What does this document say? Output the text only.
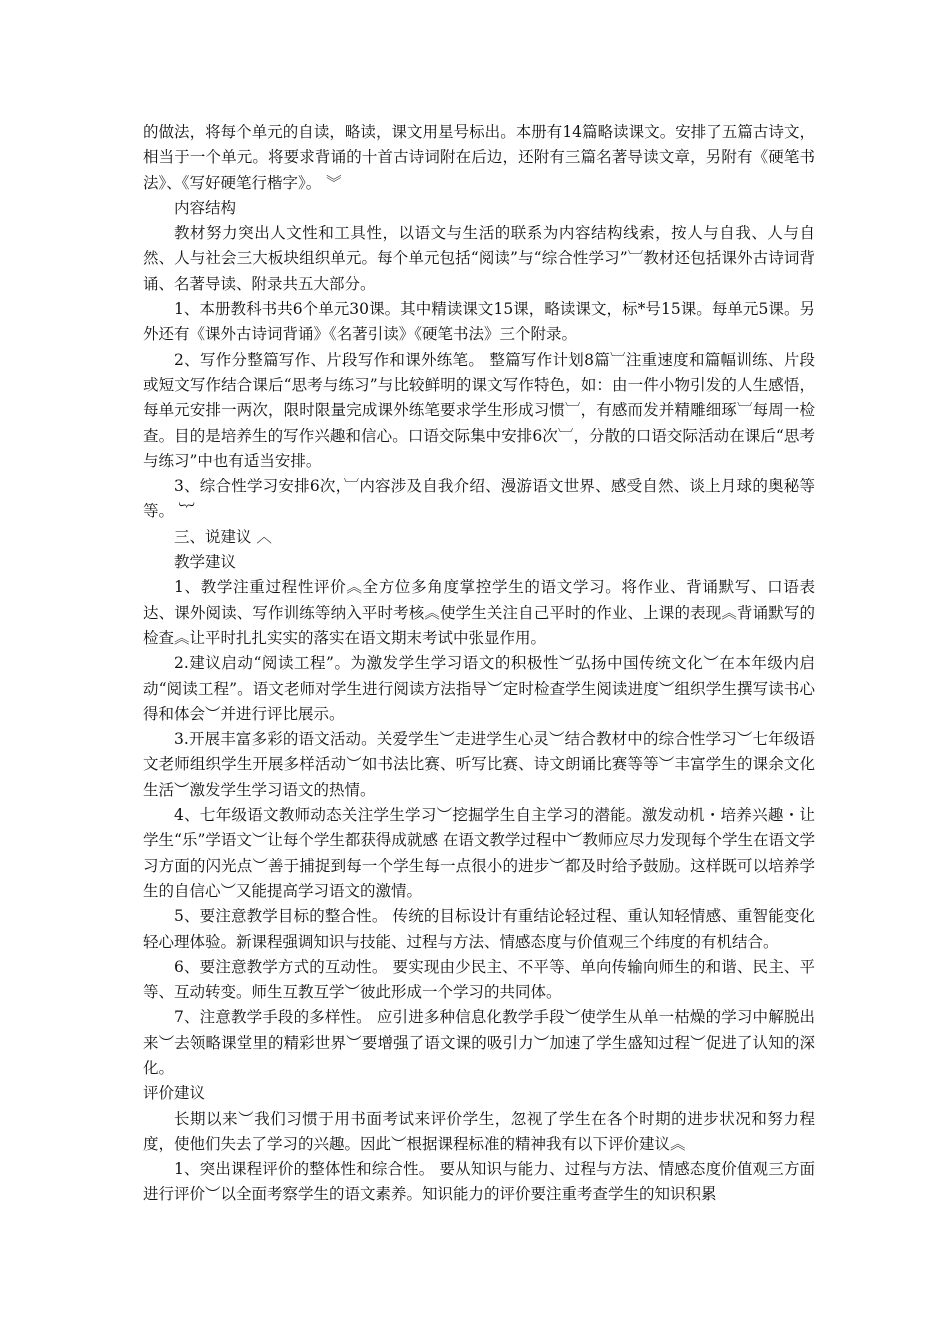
的做法，将每个单元的自读，略读，课文用星号标出。本册有14篇略读课文。安排了五篇古诗文，相当于一个单元。将要求背诵的十首古诗词附在后边，还附有三篇名著导读文章，另附有《硬笔书法》、《写好硬笔行楷字》。 ︾

内容结构

教材努力突出人文性和工具性，以语文与生活的联系为内容结构线索，按人与自我、人与自然、人与社会三大板块组织单元。每个单元包括“阅读”与“综合性学习”︺教材还包括课外古诗词背诵、名著导读、附录共五大部分。

1、本册教科书共6个单元30课。其中精读课文15课，略读课文，标*号15课。每单元5课。另外还有《课外古诗词背诵》《名著引读》《硬笔书法》三个附录。

2、写作分整篇写作、片段写作和课外练笔。 整篇写作计划8篇︺注重速度和篇幅训练、片段或短文写作结合课后“思考与练习”与比较鲜明的课文写作特色，如：由一件小物引发的人生感悟，每单元安排一两次，限时限量完成课外练笔要求学生形成习惯︺，有感而发并精雕细琢︺每周一检查。目的是培养生的写作兴趣和信心。口语交际集中安排6次︺，分散的口语交际活动在课后“思考与练习”中也有适当安排。

3、综合性学习安排6次，︺内容涉及自我介绍、漫游语文世界、感受自然、谈上月球的奥秘等等。 ︸

三、说建议 ︿

教学建议

1、教学注重过程性评价︽全方位多角度掌控学生的语文学习。将作业、背诵默写、口语表达、课外阅读、写作训练等纳入平时考核︽使学生关注自己平时的作业、上课的表现︽背诵默写的检查︽让平时扎扎实实的落实在语文期末考试中张显作用。

2.建议启动“阅读工程”。为激发学生学习语文的积极性︶弘扬中国传统文化︶在本年级内启动“阅读工程”。语文老师对学生进行阅读方法指导︶定时检查学生阅读进度︶组织学生撰写读书心得和体会︶并进行评比展示。

3.开展丰富多彩的语文活动。关爱学生︶走进学生心灵︶结合教材中的综合性学习︶七年级语文老师组织学生开展多样活动︶如书法比赛、听写比赛、诗文朗诵比赛等等︶丰富学生的课余文化生活︶激发学生学习语文的热情。

4、七年级语文教师动态关注学生学习︶挖掘学生自主学习的潜能。激发动机・培养兴趣・让学生“乐”学语文︶让每个学生都获得成就感 在语文教学过程中︶教师应尽力发现每个学生在语文学习方面的闪光点︶善于捕捉到每一个学生每一点很小的进步︶都及时给予鼓励。这样既可以培养学生的自信心︶又能提高学习语文的激情。

5、要注意教学目标的整合性。 传统的目标设计有重结论轻过程、重认知轻情感、重智能变化轻心理体验。新课程强调知识与技能、过程与方法、情感态度与价值观三个纬度的有机结合。

6、要注意教学方式的互动性。 要实现由少民主、不平等、单向传输向师生的和谐、民主、平等、互动转变。师生互教互学︶彼此形成一个学习的共同体。

7、注意教学手段的多样性。 应引进多种信息化教学手段︶使学生从单一枯燥的学习中解脱出来︶去领略课堂里的精彩世界︶要增强了语文课的吸引力︶加速了学生盛知过程︶促进了认知的深化。

评价建议

长期以来︶我们习惯于用书面考试来评价学生，忽视了学生在各个时期的进步状况和努力程度，使他们失去了学习的兴趣。因此︶根据课程标准的精神我有以下评价建议︽

1、突出课程评价的整体性和综合性。 要从知识与能力、过程与方法、情感态度价值观三方面进行评价︶以全面考察学生的语文素养。知识能力的评价要注重考查学生的知识积累
